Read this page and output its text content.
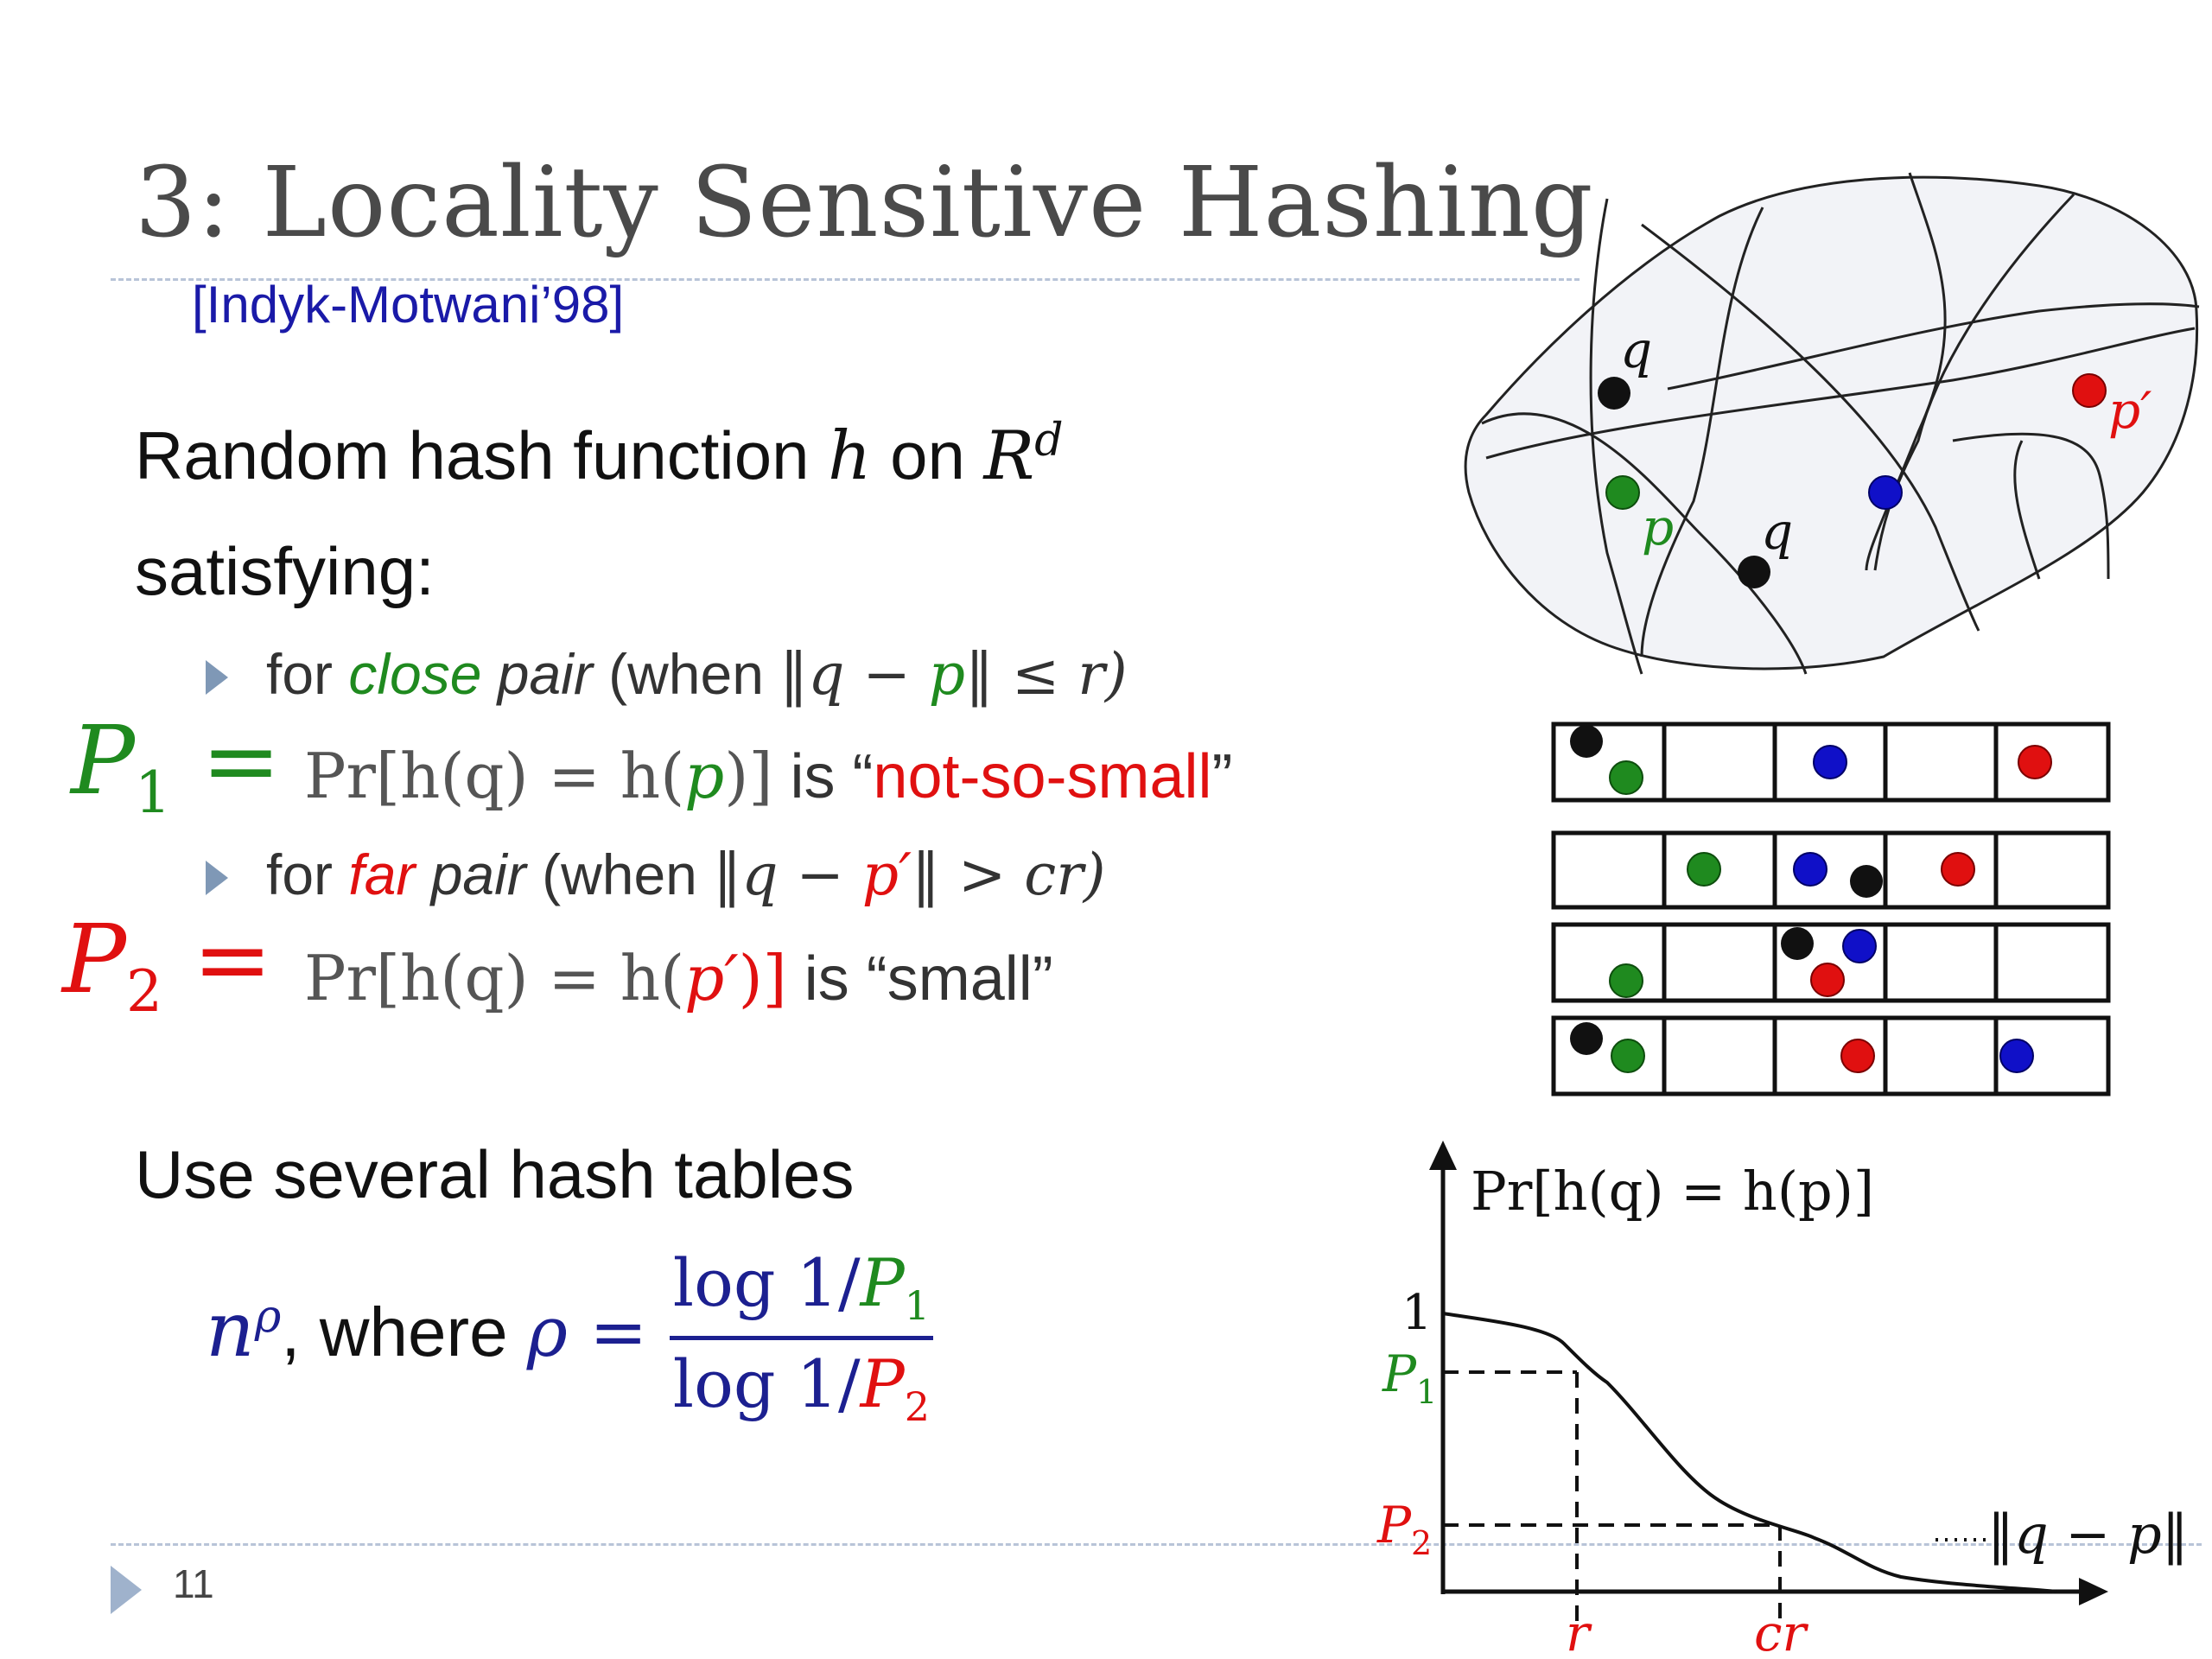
3: Locality Sensitive Hashing
[Indyk-Motwani’98]
Random hash function h on $R^d$
satisfying:
for close pair (when ‖q − p‖ ≤ r)
$P_1 = Pr[h(q) = h(p)]$ is “not-so-small”
for far pair (when ‖q − p′‖ > cr)
$P_2 = Pr[h(q) = h(p')]$ is “small”
Use several hash tables
$n^\rho$, where $\rho = \frac{\log 1/P_1}{\log 1/P_2}$
11
q
p q
p′
Pr[h(q) = h(p)]
1
$P_1$
$P_2$	‖q − p‖
r	cr
